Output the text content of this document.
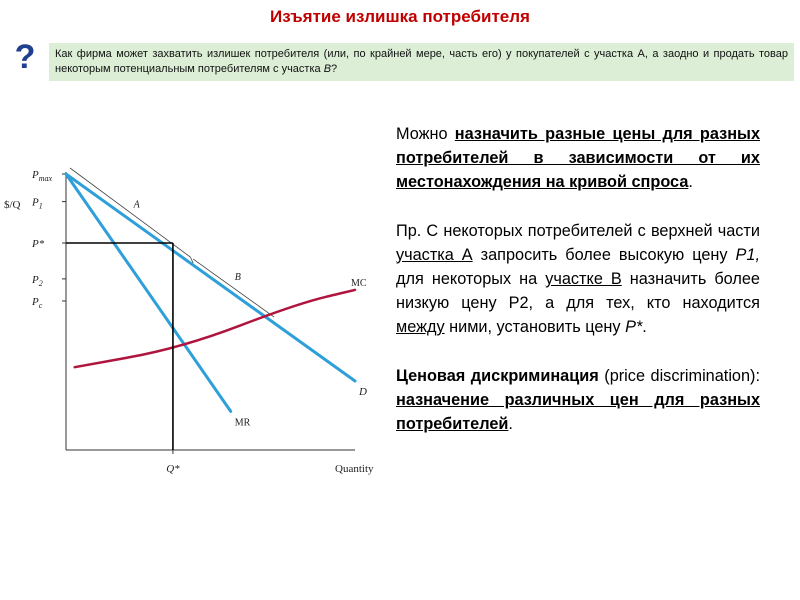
Изъятие излишка потребителя
?	Как фирма может захватить излишек потребителя (или, по крайней мере, часть его) у покупателей с участка А, а заодно и продать товар некоторым потенциальным потребителям с участка В?
$/Q
Quantity
$P_{max}$
$P_1$
P*
$P_2$
$P_c$
Q*
D
MR
MC
A
B

Можно назначить разные цены для разных потребителей в зависимости от их местонахождения на кривой спроса.

Пр. С некоторых потребителей с верхней части участка А запросить более высокую цену Р1, для некоторых на участке В назначить более низкую цену Р2, а для тех, кто находится между ними, установить цену Р*.

Ценовая дискриминация (price discrimination): назначение различных цен для разных потребителей.
